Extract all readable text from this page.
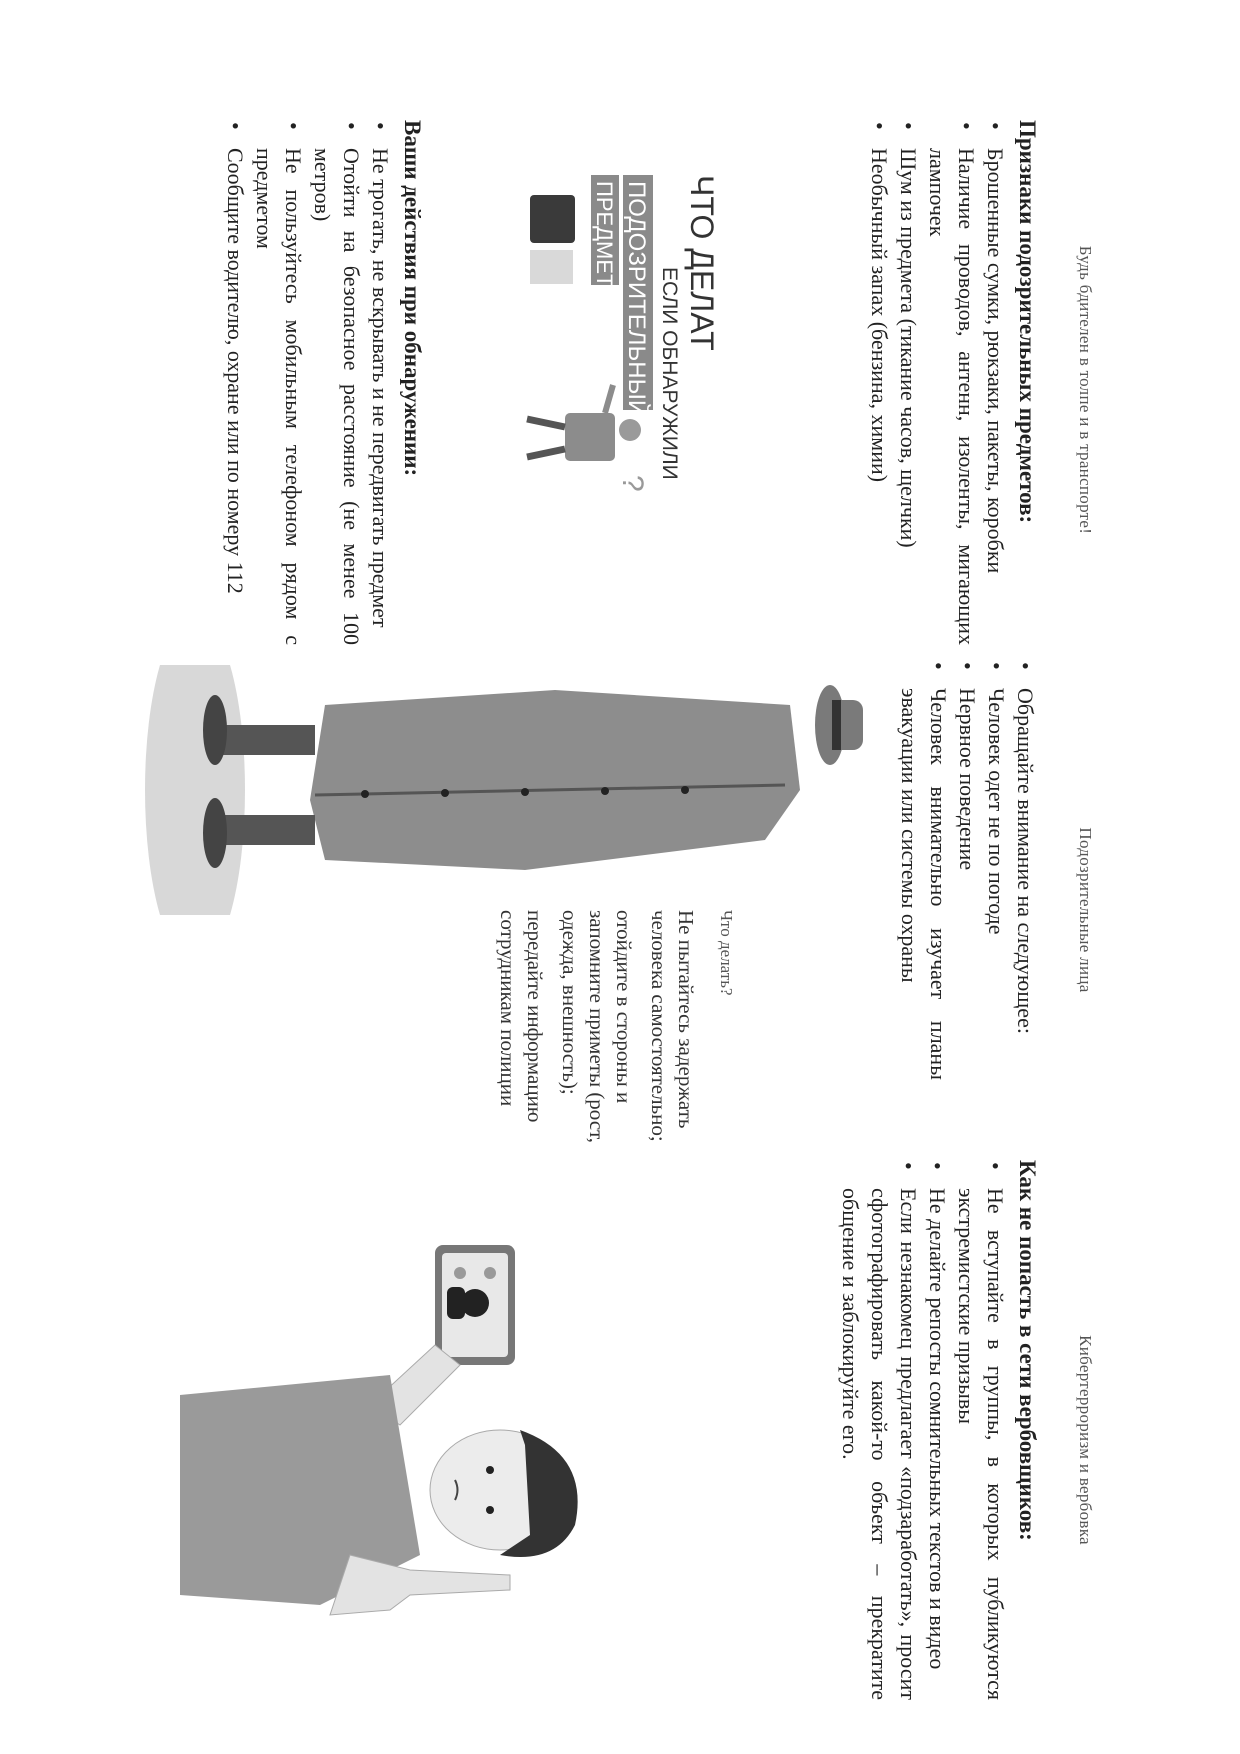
Будь бдителен в толпе и в транспорте!
Признаки подозрительных предметов:
• Брошенные сумки, рюкзаки, пакеты, коробки
• Наличие проводов, антенн, изоленты, мигающих лампочек
• Шум из предмета (тикание часов, щелчки)
• Необычный запах (бензина, химии)
ЧТО ДЕЛАТ
ЕСЛИ ОБНАРУЖИЛИ
ПОДОЗРИТЕЛЬНЫЙ
ПРЕДМЕТ
?
Ваши действия при обнаружении:
• Не трогать, не вскрывать и не передвигать предмет
• Отойти на безопасное расстояние (не менее 100 метров)
• Не пользуйтесь мобильным телефоном рядом с предметом
• Сообщите водителю, охране или по номеру 112
Подозрительные лица
• Обращайте внимание на следующее:
• Человек одет не по погоде
• Нервное поведение
• Человек внимательно изучает планы эвакуации или системы охраны

Что делать?

Не пытайтесь задержать человека самостоятельно;

отойдите в стороны и запомните приметы (рост, одежда, внешность);

передайте информацию сотрудникам полиции

Кибертерроризм и вербовка
Как не попасть в сети вербовщиков:
• Не вступайте в группы, в которых публикуются экстремистские призывы
• Не делайте репосты сомнительных текстов и видео
• Если незнакомец предлагает «подзаработать», просит сфотографировать какой-то объект – прекратите общение и заблокируйте его.
